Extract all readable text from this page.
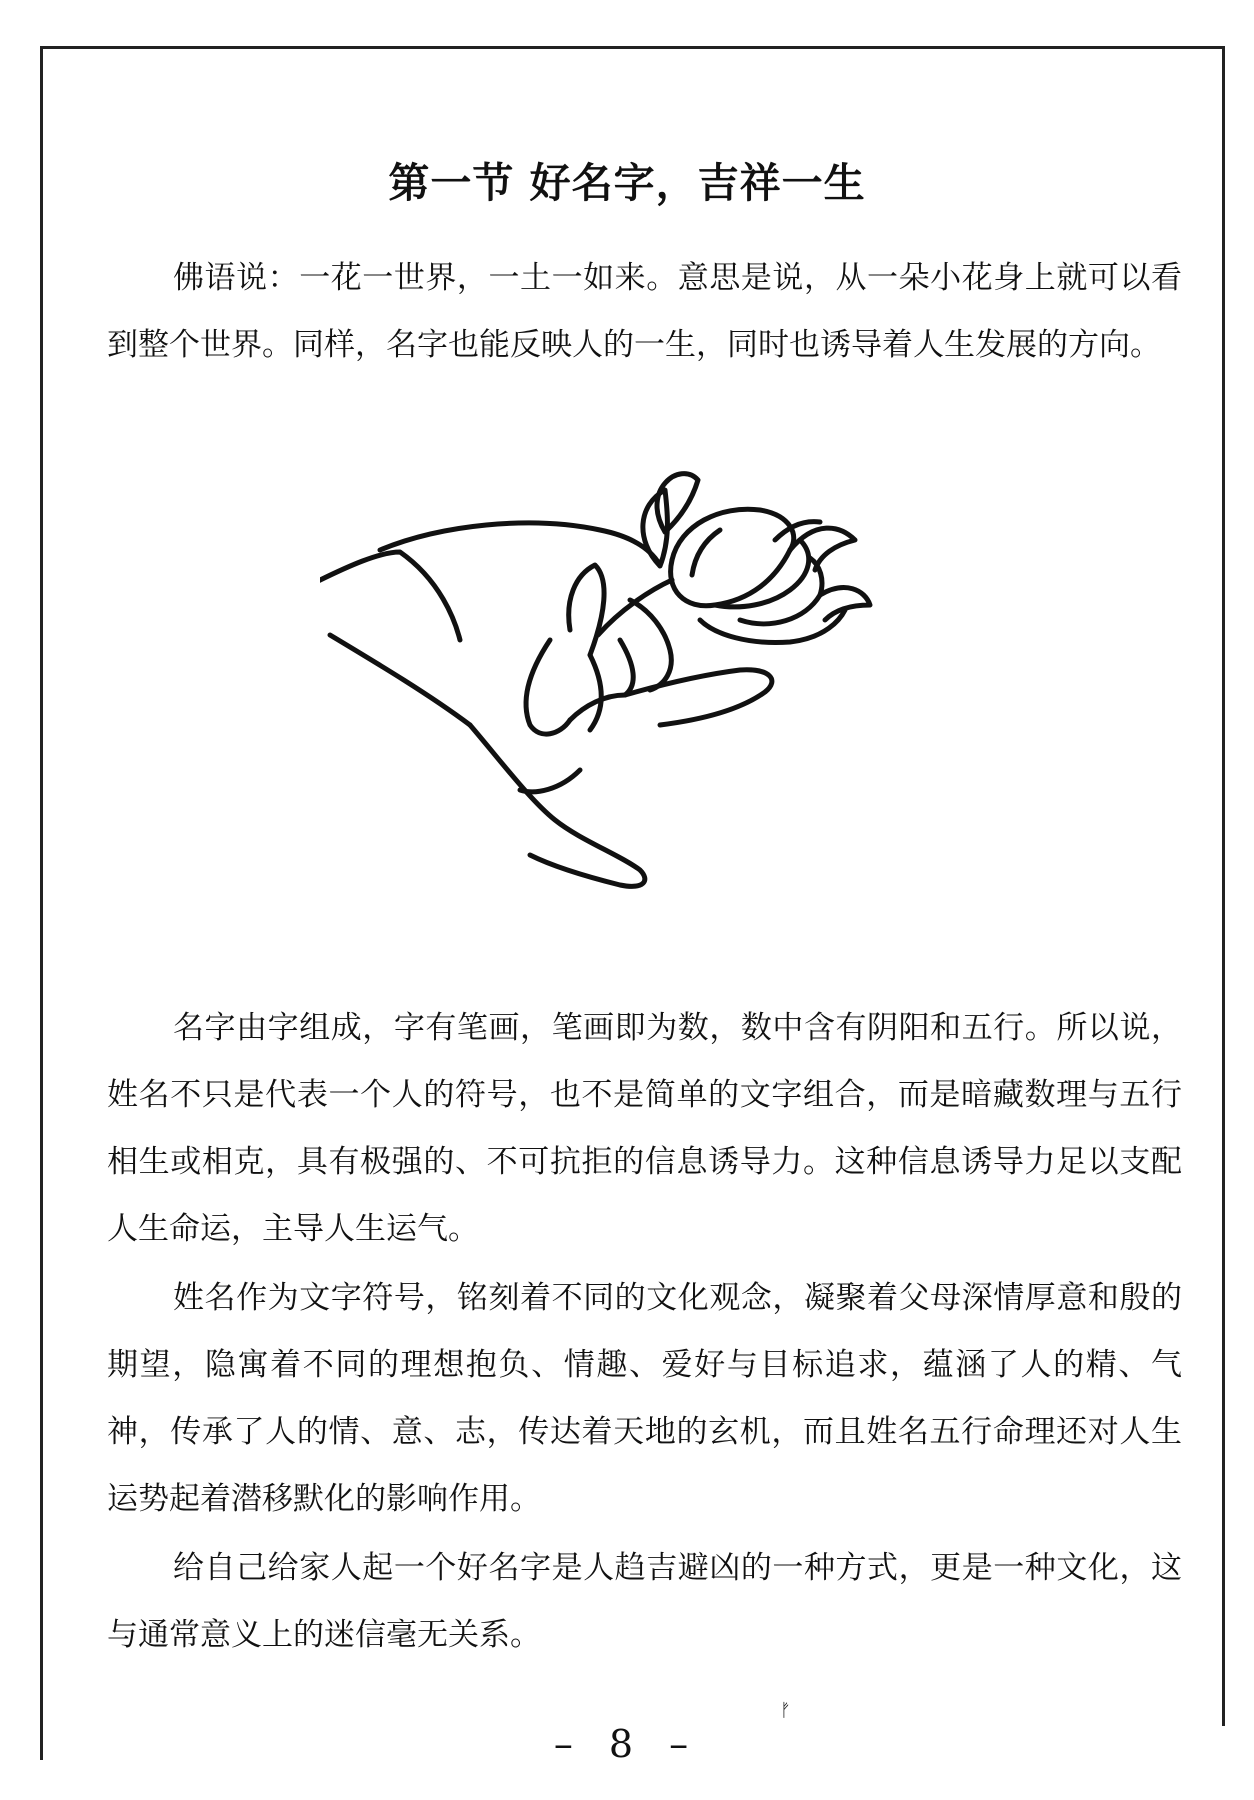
第一节 好名字，吉祥一生

佛语说：一花一世界，一土一如来。意思是说，从一朵小花身上就可以看到整个世界。同样，名字也能反映人的一生，同时也诱导着人生发展的方向。

名字由字组成，字有笔画，笔画即为数，数中含有阴阳和五行。所以说，姓名不只是代表一个人的符号，也不是简单的文字组合，而是暗藏数理与五行相生或相克，具有极强的、不可抗拒的信息诱导力。这种信息诱导力足以支配人生命运，主导人生运气。

姓名作为文字符号，铭刻着不同的文化观念，凝聚着父母深情厚意和殷的期望，隐寓着不同的理想抱负、情趣、爱好与目标追求，蕴涵了人的精、气神，传承了人的情、意、志，传达着天地的玄机，而且姓名五行命理还对人生运势起着潜移默化的影响作用。

给自己给家人起一个好名字是人趋吉避凶的一种方式，更是一种文化，这与通常意义上的迷信毫无关系。

– 8 –
ᚠ
